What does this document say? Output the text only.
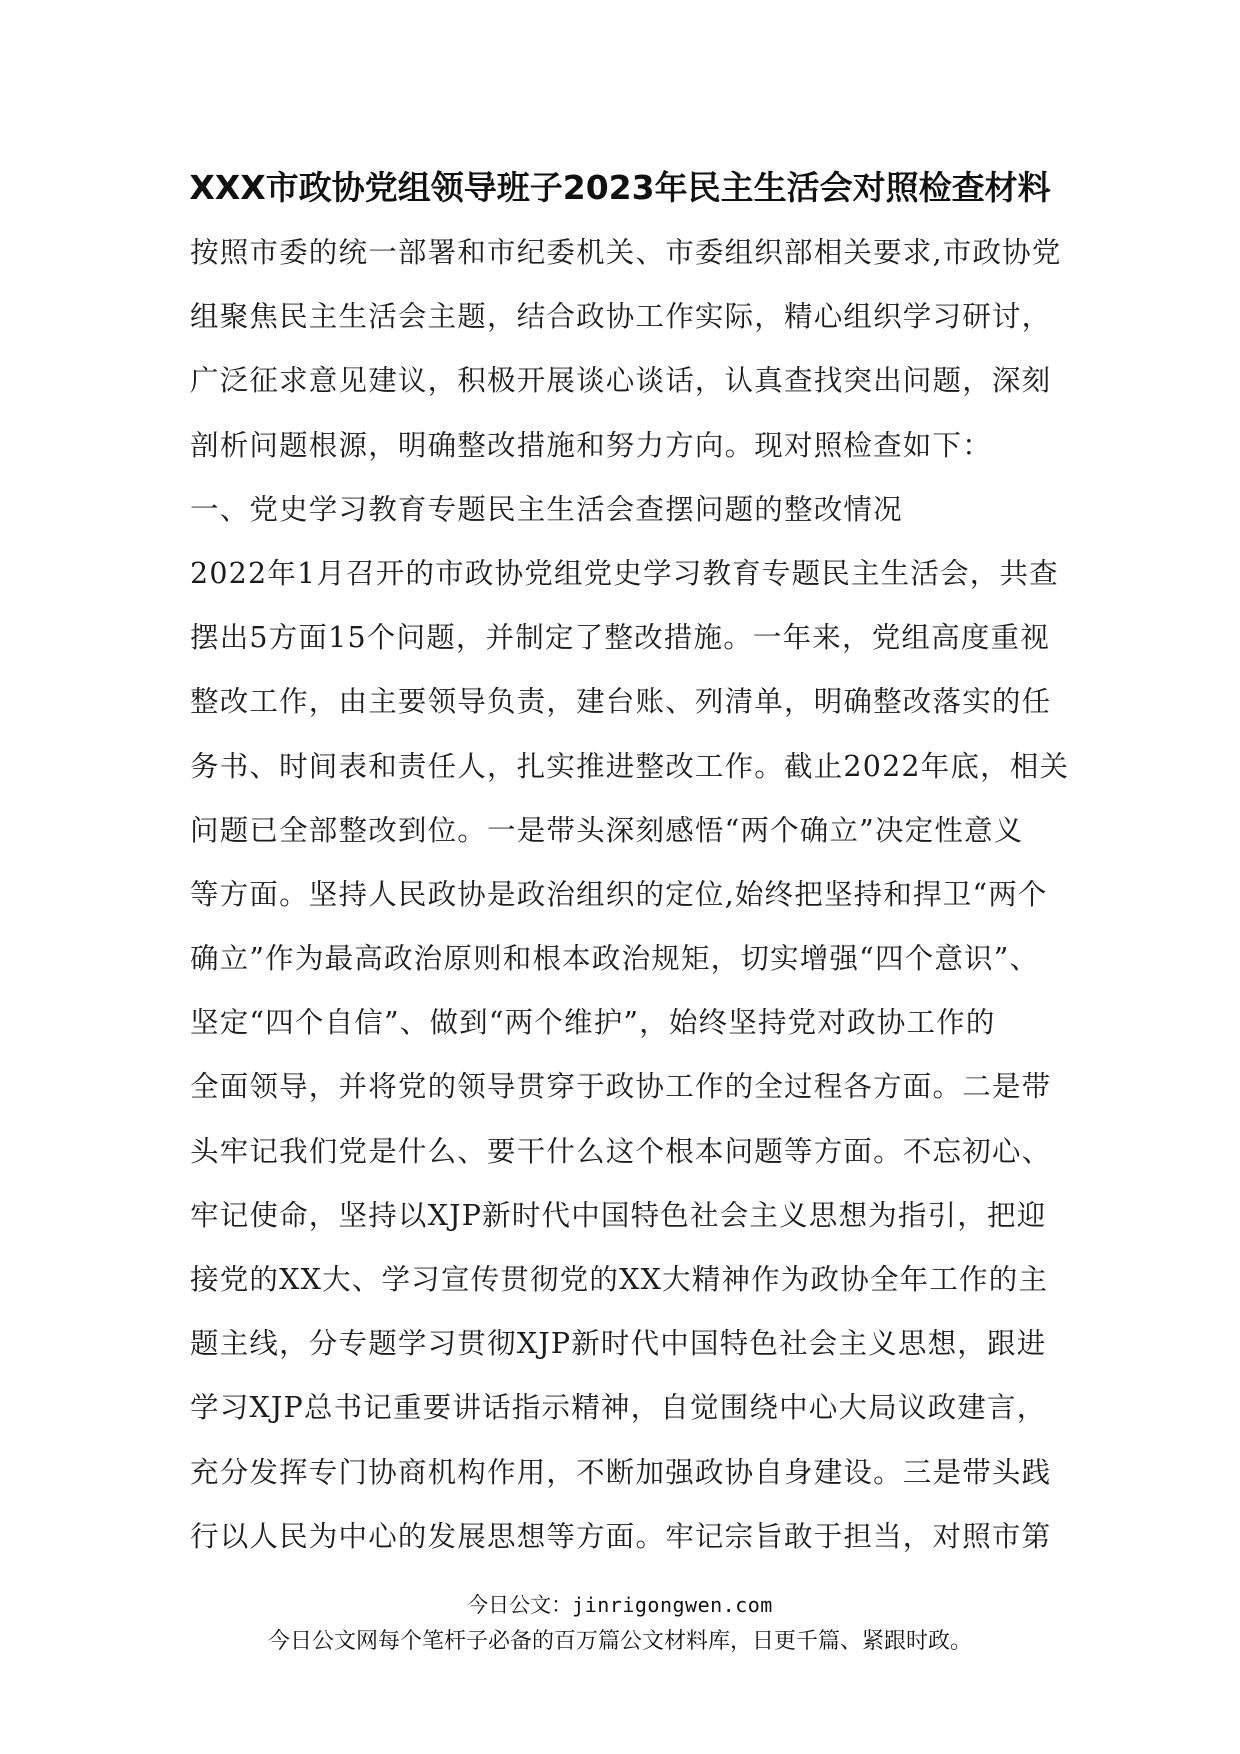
XXX市政协党组领导班子2023年民主生活会对照检查材料
按照市委的统一部署和市纪委机关、市委组织部相关要求,市政协党
组聚焦民主生活会主题，结合政协工作实际，精心组织学习研讨，
广泛征求意见建议，积极开展谈心谈话，认真查找突出问题，深刻
剖析问题根源，明确整改措施和努力方向。现对照检查如下：
一、党史学习教育专题民主生活会查摆问题的整改情况
2022年1月召开的市政协党组党史学习教育专题民主生活会，共查
摆出5方面15个问题，并制定了整改措施。一年来，党组高度重视
整改工作，由主要领导负责，建台账、列清单，明确整改落实的任
务书、时间表和责任人，扎实推进整改工作。截止2022年底，相关
问题已全部整改到位。一是带头深刻感悟“两个确立”决定性意义
等方面。坚持人民政协是政治组织的定位,始终把坚持和捍卫“两个
确立”作为最高政治原则和根本政治规矩，切实增强“四个意识”、
坚定“四个自信”、做到“两个维护”，始终坚持党对政协工作的
全面领导，并将党的领导贯穿于政协工作的全过程各方面。二是带
头牢记我们党是什么、要干什么这个根本问题等方面。不忘初心、
牢记使命，坚持以XJP新时代中国特色社会主义思想为指引，把迎
接党的XX大、学习宣传贯彻党的XX大精神作为政协全年工作的主
题主线，分专题学习贯彻XJP新时代中国特色社会主义思想，跟进
学习XJP总书记重要讲话指示精神，自觉围绕中心大局议政建言，
充分发挥专门协商机构作用，不断加强政协自身建设。三是带头践
行以人民为中心的发展思想等方面。牢记宗旨敢于担当，对照市第
今日公文：jinrigongwen.com
今日公文网每个笔杆子必备的百万篇公文材料库，日更千篇、紧跟时政。
